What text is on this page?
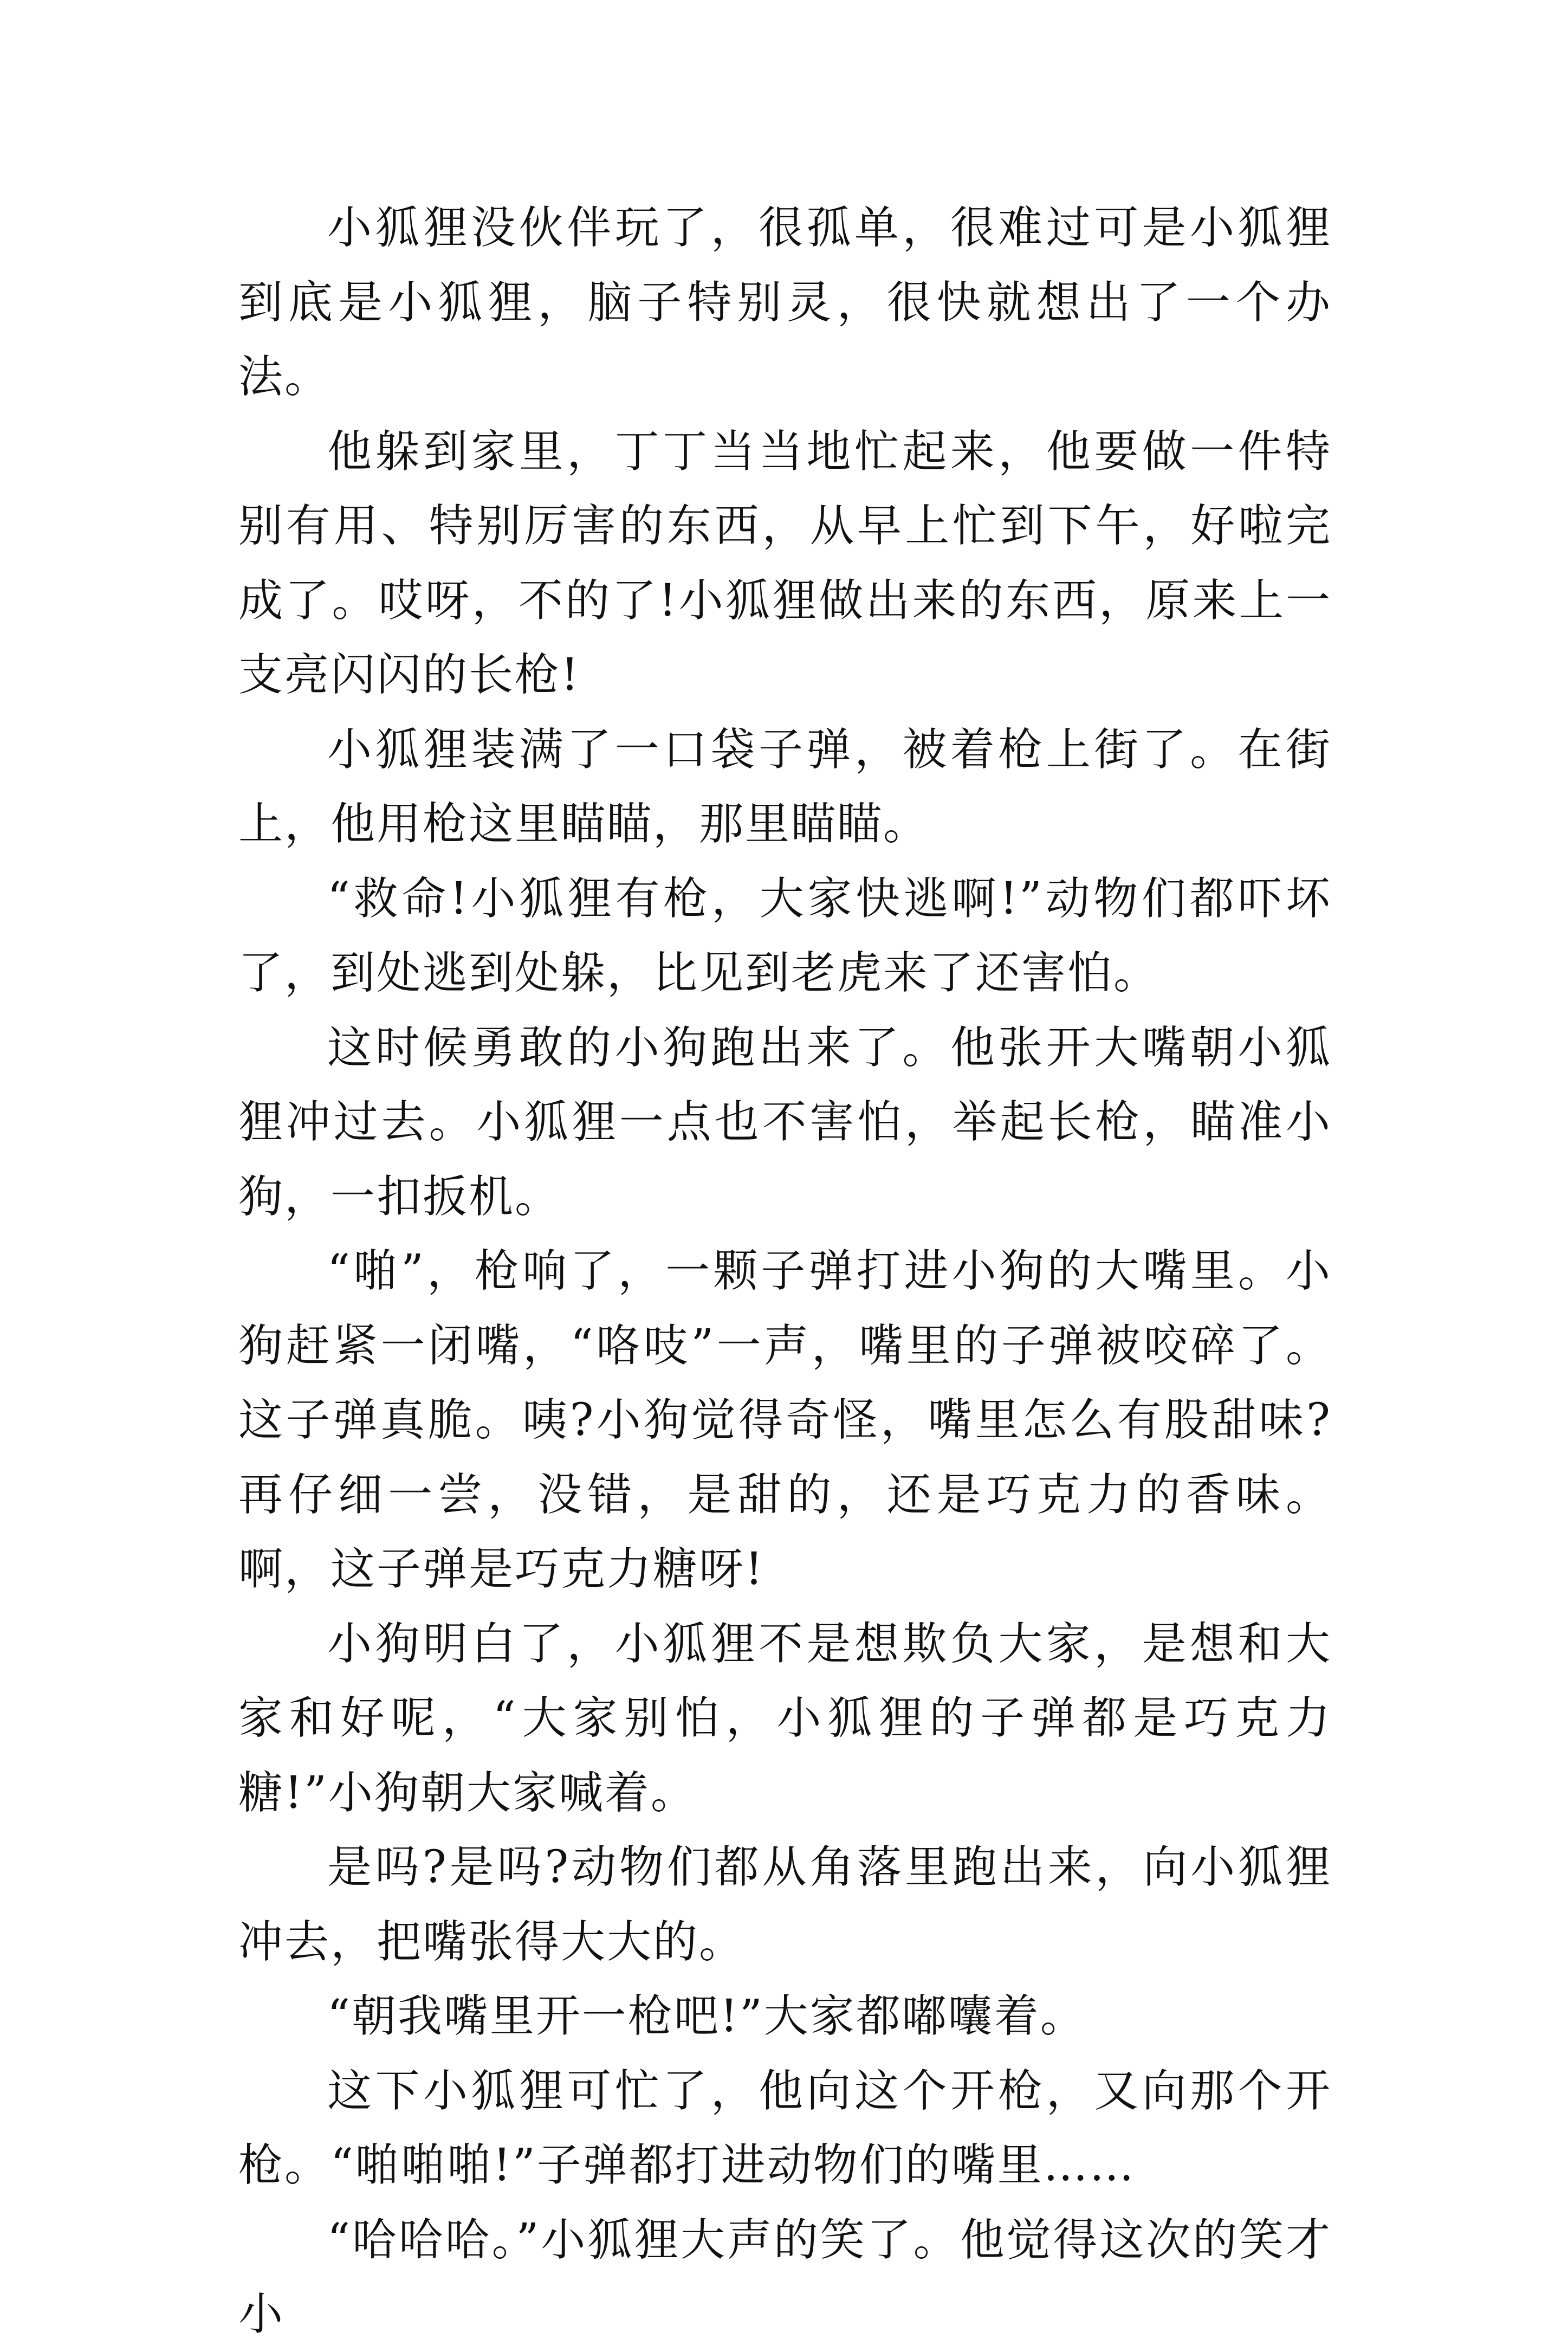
小狐狸没伙伴玩了，很孤单，很难过可是小狐狸到底是小狐狸，脑子特别灵，很快就想出了一个办法。

他躲到家里，丁丁当当地忙起来，他要做一件特别有用、特别厉害的东西，从早上忙到下午，好啦完成了。哎呀，不的了!小狐狸做出来的东西，原来上一支亮闪闪的长枪!

小狐狸装满了一口袋子弹，被着枪上街了。在街上，他用枪这里瞄瞄，那里瞄瞄。

“救命!小狐狸有枪，大家快逃啊!”动物们都吓坏了，到处逃到处躲，比见到老虎来了还害怕。

这时候勇敢的小狗跑出来了。他张开大嘴朝小狐狸冲过去。小狐狸一点也不害怕，举起长枪，瞄准小狗，一扣扳机。

“啪”，枪响了，一颗子弹打进小狗的大嘴里。小狗赶紧一闭嘴，“咯吱”一声，嘴里的子弹被咬碎了。这子弹真脆。咦?小狗觉得奇怪，嘴里怎么有股甜味?再仔细一尝，没错，是甜的，还是巧克力的香味。啊，这子弹是巧克力糖呀!

小狗明白了，小狐狸不是想欺负大家，是想和大家和好呢，“大家别怕，小狐狸的子弹都是巧克力糖!”小狗朝大家喊着。

是吗?是吗?动物们都从角落里跑出来，向小狐狸冲去，把嘴张得大大的。

“朝我嘴里开一枪吧!”大家都嘟囔着。

这下小狐狸可忙了，他向这个开枪，又向那个开枪。“啪啪啪!”子弹都打进动物们的嘴里……

“哈哈哈。”小狐狸大声的笑了。他觉得这次的笑才小
